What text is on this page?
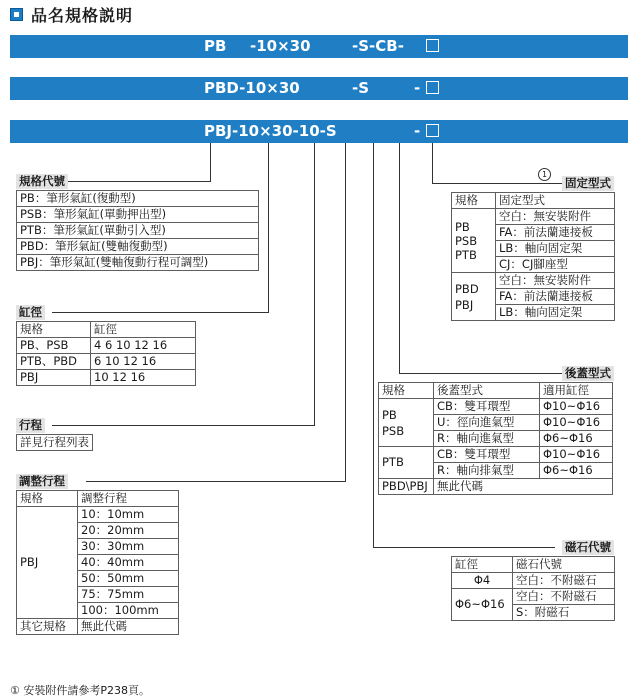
品名規格説明
PB -10×30	-S-CB-
PBD-10×30	-S	-
PBJ-10×30-10-S	-
規格代號
PB：筆形氣缸(復動型)
PSB：筆形氣缸(單動押出型)
PTB：筆形氣缸(單動引入型)
PBD：筆形氣缸(雙軸復動型)
PBJ：筆形氣缸(雙軸復動行程可調型)
缸徑
規格	缸徑
PB、PSB	4 6 10 12 16
PTB、PBD	6 10 12 16
PBJ	10 12 16
行程
詳見行程列表
調整行程
規格	調整行程
PBJ	10：10mm
	20：20mm
	30：30mm
	40：40mm
	50：50mm
	75：75mm
	100：100mm
其它規格	無此代碼
1
固定型式
規格	固定型式
PB
PSB
PTB	空白：無安裝附件
	FA：前法蘭連接板
	LB：軸向固定架
	CJ：CJ腳座型
PBD
PBJ	空白：無安裝附件
	FA：前法蘭連接板
	LB：軸向固定架
後蓋型式
規格	後蓋型式	適用缸徑
PB
PSB	CB：雙耳環型	Φ10~Φ16
	U：徑向進氣型	Φ10~Φ16
	R：軸向進氣型	Φ6~Φ16
PTB	CB：雙耳環型	Φ10~Φ16
	R：軸向排氣型	Φ6~Φ16
PBD\PBJ	無此代碼	
磁石代號
缸徑	磁石代號
Φ4	空白：不附磁石
Φ6~Φ16	空白：不附磁石
	S：附磁石
① 安裝附件請參考P238頁。
